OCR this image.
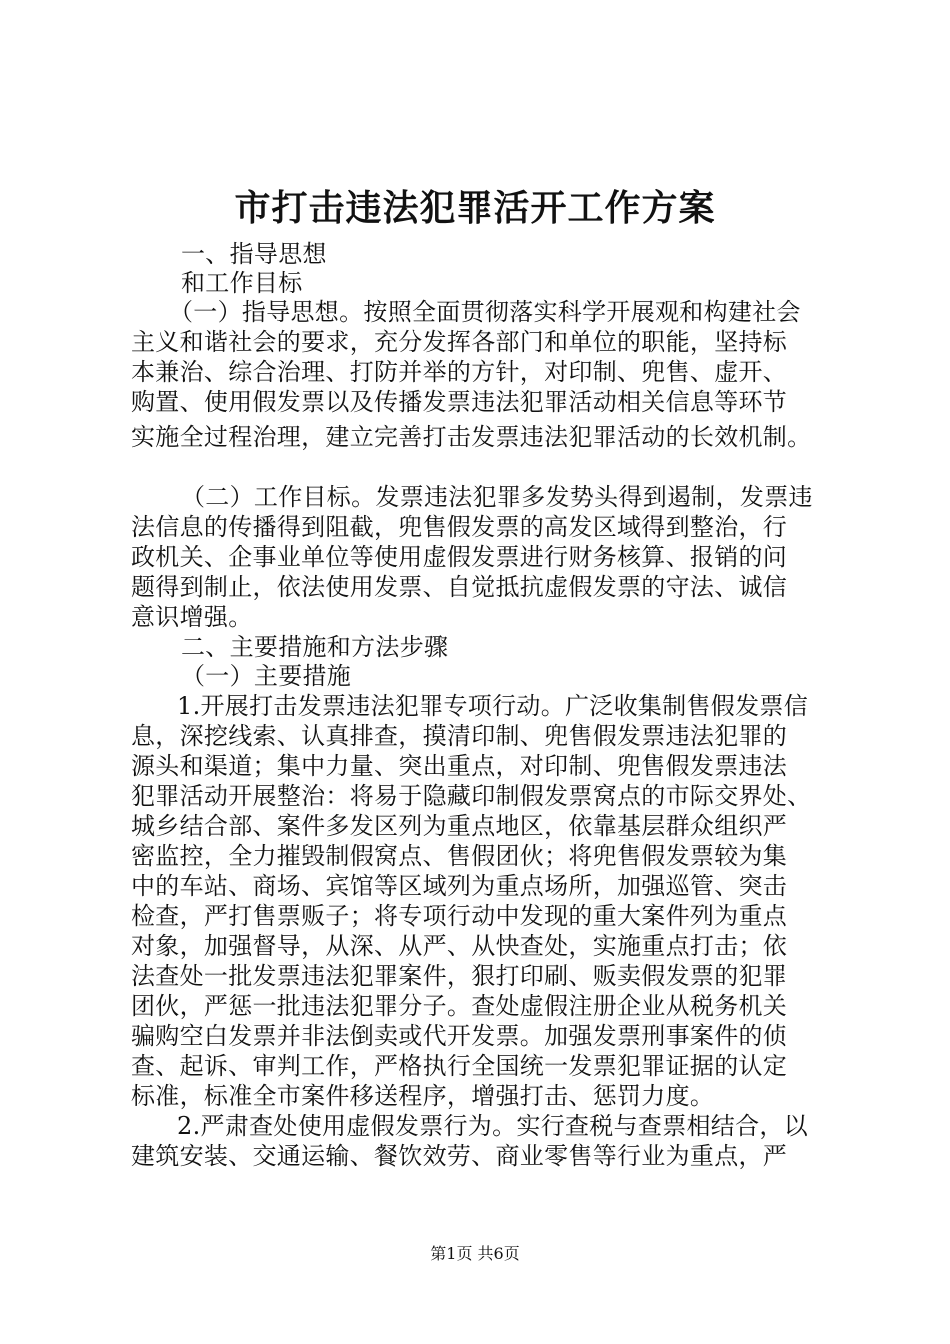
市打击违法犯罪活开工作方案
一、指导思想
和工作目标
（一）指导思想。按照全面贯彻落实科学开展观和构建社会
主义和谐社会的要求，充分发挥各部门和单位的职能，坚持标
本兼治、综合治理、打防并举的方针，对印制、兜售、虚开、
购置、使用假发票以及传播发票违法犯罪活动相关信息等环节
实施全过程治理，建立完善打击发票违法犯罪活动的长效机制。
（二）工作目标。发票违法犯罪多发势头得到遏制，发票违
法信息的传播得到阻截，兜售假发票的高发区域得到整治，行
政机关、企事业单位等使用虚假发票进行财务核算、报销的问
题得到制止，依法使用发票、自觉抵抗虚假发票的守法、诚信
意识增强。
二、主要措施和方法步骤
（一）主要措施
1.开展打击发票违法犯罪专项行动。广泛收集制售假发票信
息，深挖线索、认真排查，摸清印制、兜售假发票违法犯罪的
源头和渠道；集中力量、突出重点，对印制、兜售假发票违法
犯罪活动开展整治：将易于隐藏印制假发票窝点的市际交界处、
城乡结合部、案件多发区列为重点地区，依靠基层群众组织严
密监控，全力摧毁制假窝点、售假团伙；将兜售假发票较为集
中的车站、商场、宾馆等区域列为重点场所，加强巡管、突击
检查，严打售票贩子；将专项行动中发现的重大案件列为重点
对象，加强督导，从深、从严、从快查处，实施重点打击；依
法查处一批发票违法犯罪案件，狠打印刷、贩卖假发票的犯罪
团伙，严惩一批违法犯罪分子。查处虚假注册企业从税务机关
骗购空白发票并非法倒卖或代开发票。加强发票刑事案件的侦
查、起诉、审判工作，严格执行全国统一发票犯罪证据的认定
标准，标准全市案件移送程序，增强打击、惩罚力度。
2.严肃查处使用虚假发票行为。实行查税与查票相结合，以
建筑安装、交通运输、餐饮效劳、商业零售等行业为重点，严
第1页 共6页
